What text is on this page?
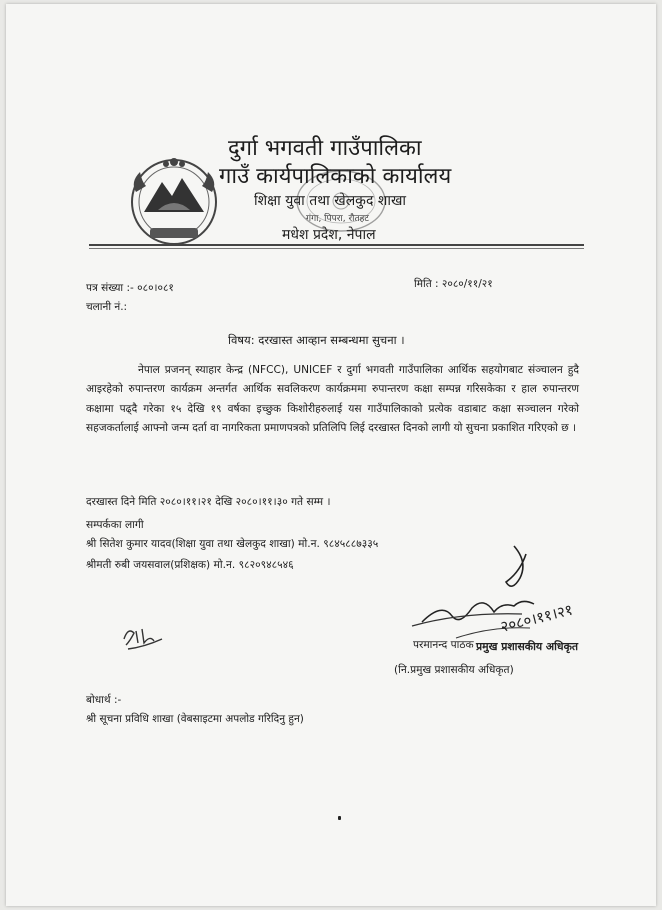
दुर्गा भगवती गाउँपालिका
गाउँ कार्यपालिकाको कार्यालय
शिक्षा युवा तथा खेलकुद शाखा
गंगा, पिपरा, रौतहट
मधेश प्रदेश, नेपाल
पत्र संख्या :- ०८०।०८१	मिति : २०८०/११/२१
चलानी नं.:
विषय: दरखास्त आव्हान सम्बन्धमा सुचना ।
नेपाल प्रजनन् स्याहार केन्द्र (NFCC), UNICEF र दुर्गा भगवती गाउँपालिका आर्थिक सहयोगबाट संञ्चालन हुदै आइरहेको रुपान्तरण कार्यक्रम अन्तर्गत आर्थिक सवलिकरण कार्यक्रममा रुपान्तरण कक्षा सम्पन्न गरिसकेका र हाल रुपान्तरण कक्षामा पढ्दै गरेका १५ देखि १९ वर्षका इच्छुक किशोरीहरुलाई यस गाउँपालिकाको प्रत्येक वडाबाट कक्षा सञ्चालन गरेको सहजकर्तालाई आफ्नो जन्म दर्ता वा नागरिकता प्रमाणपत्रको प्रतिलिपि लिई दरखास्त दिनको लागी यो सुचना प्रकाशित गरिएको छ ।
दरखास्त दिने मिति २०८०।११।२१ देखि २०८०।११।३० गते सम्म ।
सम्पर्कका लागी
श्री सितेश कुमार यादव(शिक्षा युवा तथा खेलकुद शाखा) मो.न. ९८४५८८७३३५
श्रीमती रुबी जयसवाल(प्रशिक्षक) मो.न. ९८२०९४८५४६
२०८०।११।२१
परमानन्द पाठक प्रमुख प्रशासकीय अधिकृत
(नि.प्रमुख प्रशासकीय अधिकृत)
बोधार्थ :-
श्री सूचना प्रविधि शाखा (वेबसाइटमा अपलोड गरिदिनु हुन)
